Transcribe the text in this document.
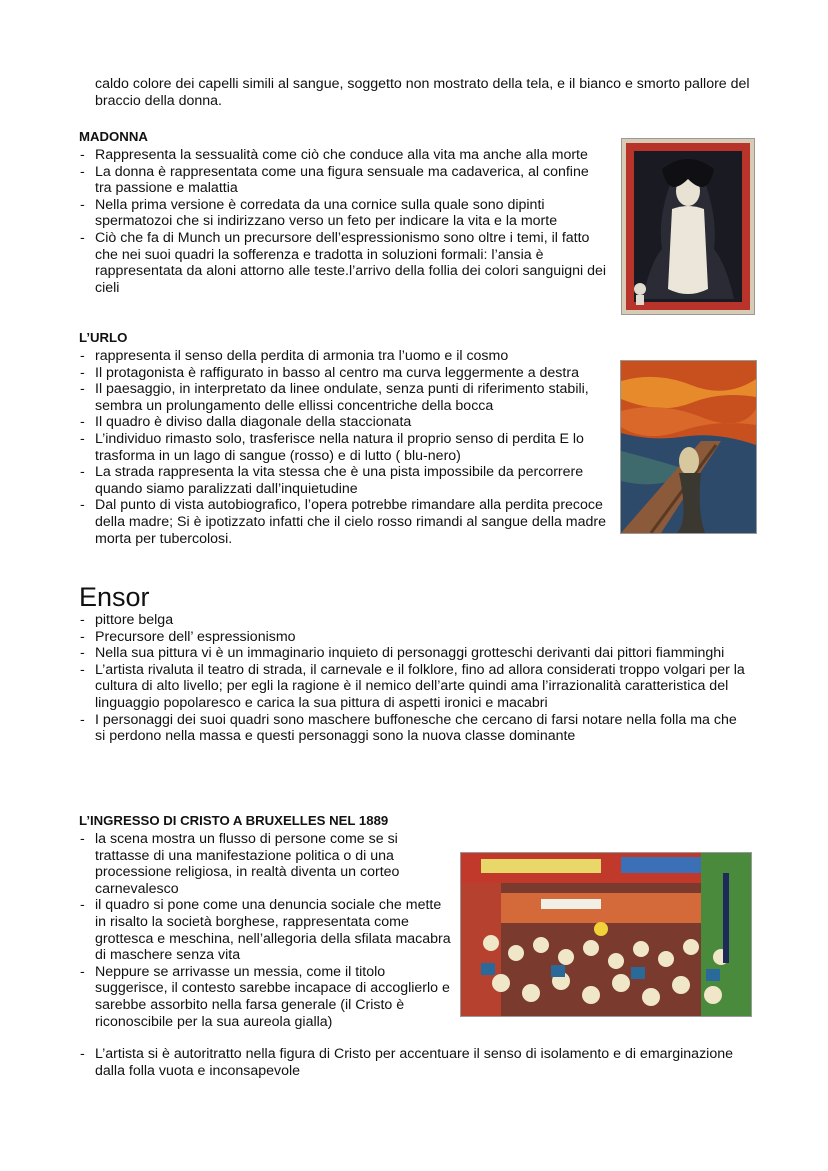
caldo colore dei capelli simili al sangue, soggetto non mostrato della tela, e il bianco e smorto pallore del braccio della donna.

MADONNA
- Rappresenta la sessualità come ciò che conduce alla vita ma anche alla morte
- La donna è rappresentata come una figura sensuale ma cadaverica, al confine tra passione e malattia
- Nella prima versione è corredata da una cornice sulla quale sono dipinti spermatozoi che si indirizzano verso un feto per indicare la vita e la morte
- Ciò che fa di Munch un precursore dell’espressionismo sono oltre i temi, il fatto che nei suoi quadri la sofferenza e tradotta in soluzioni formali: l’ansia è rappresentata da aloni attorno alle teste.l’arrivo della follia dei colori sanguigni dei cieli
L’URLO
- rappresenta il senso della perdita di armonia tra l’uomo e il cosmo
- Il protagonista è raffigurato in basso al centro ma curva leggermente a destra
- Il paesaggio, in interpretato da linee ondulate, senza punti di riferimento stabili, sembra un prolungamento delle ellissi concentriche della bocca
- Il quadro è diviso dalla diagonale della staccionata
- L’individuo rimasto solo, trasferisce nella natura il proprio senso di perdita E lo trasforma in un lago di sangue (rosso) e di lutto ( blu-nero)
- La strada rappresenta la vita stessa che è una pista impossibile da percorrere quando siamo paralizzati dall’inquietudine
- Dal punto di vista autobiografico, l’opera potrebbe rimandare alla perdita precoce della madre; Si è ipotizzato infatti che il cielo rosso rimandi al sangue della madre morta per tubercolosi.
Ensor
- pittore belga
- Precursore dell’ espressionismo
- Nella sua pittura vi è un immaginario inquieto di personaggi grotteschi derivanti dai pittori fiamminghi
- L’artista rivaluta il teatro di strada, il carnevale e il folklore, fino ad allora considerati troppo volgari per la cultura di alto livello; per egli la ragione è il nemico dell’arte quindi ama l’irrazionalità caratteristica del linguaggio popolaresco e carica la sua pittura di aspetti ironici e macabri
- I personaggi dei suoi quadri sono maschere buffonesche che cercano di farsi notare nella folla ma che si perdono nella massa e questi personaggi sono la nuova classe dominante
L’INGRESSO DI CRISTO A BRUXELLES NEL 1889
- la scena mostra un flusso di persone come se si trattasse di una manifestazione politica o di una processione religiosa, in realtà diventa un corteo carnevalesco
- il quadro si pone come una denuncia sociale che mette in risalto la società borghese, rappresentata come grottesca e meschina, nell’allegoria della sfilata macabra di maschere senza vita
- Neppure se arrivasse un messia, come il titolo suggerisce, il contesto sarebbe incapace di accoglierlo e sarebbe assorbito nella farsa generale (il Cristo è riconoscibile per la sua aureola gialla)
- L’artista si è autoritratto nella figura di Cristo per accentuare il senso di isolamento e di emarginazione dalla folla vuota e inconsapevole
